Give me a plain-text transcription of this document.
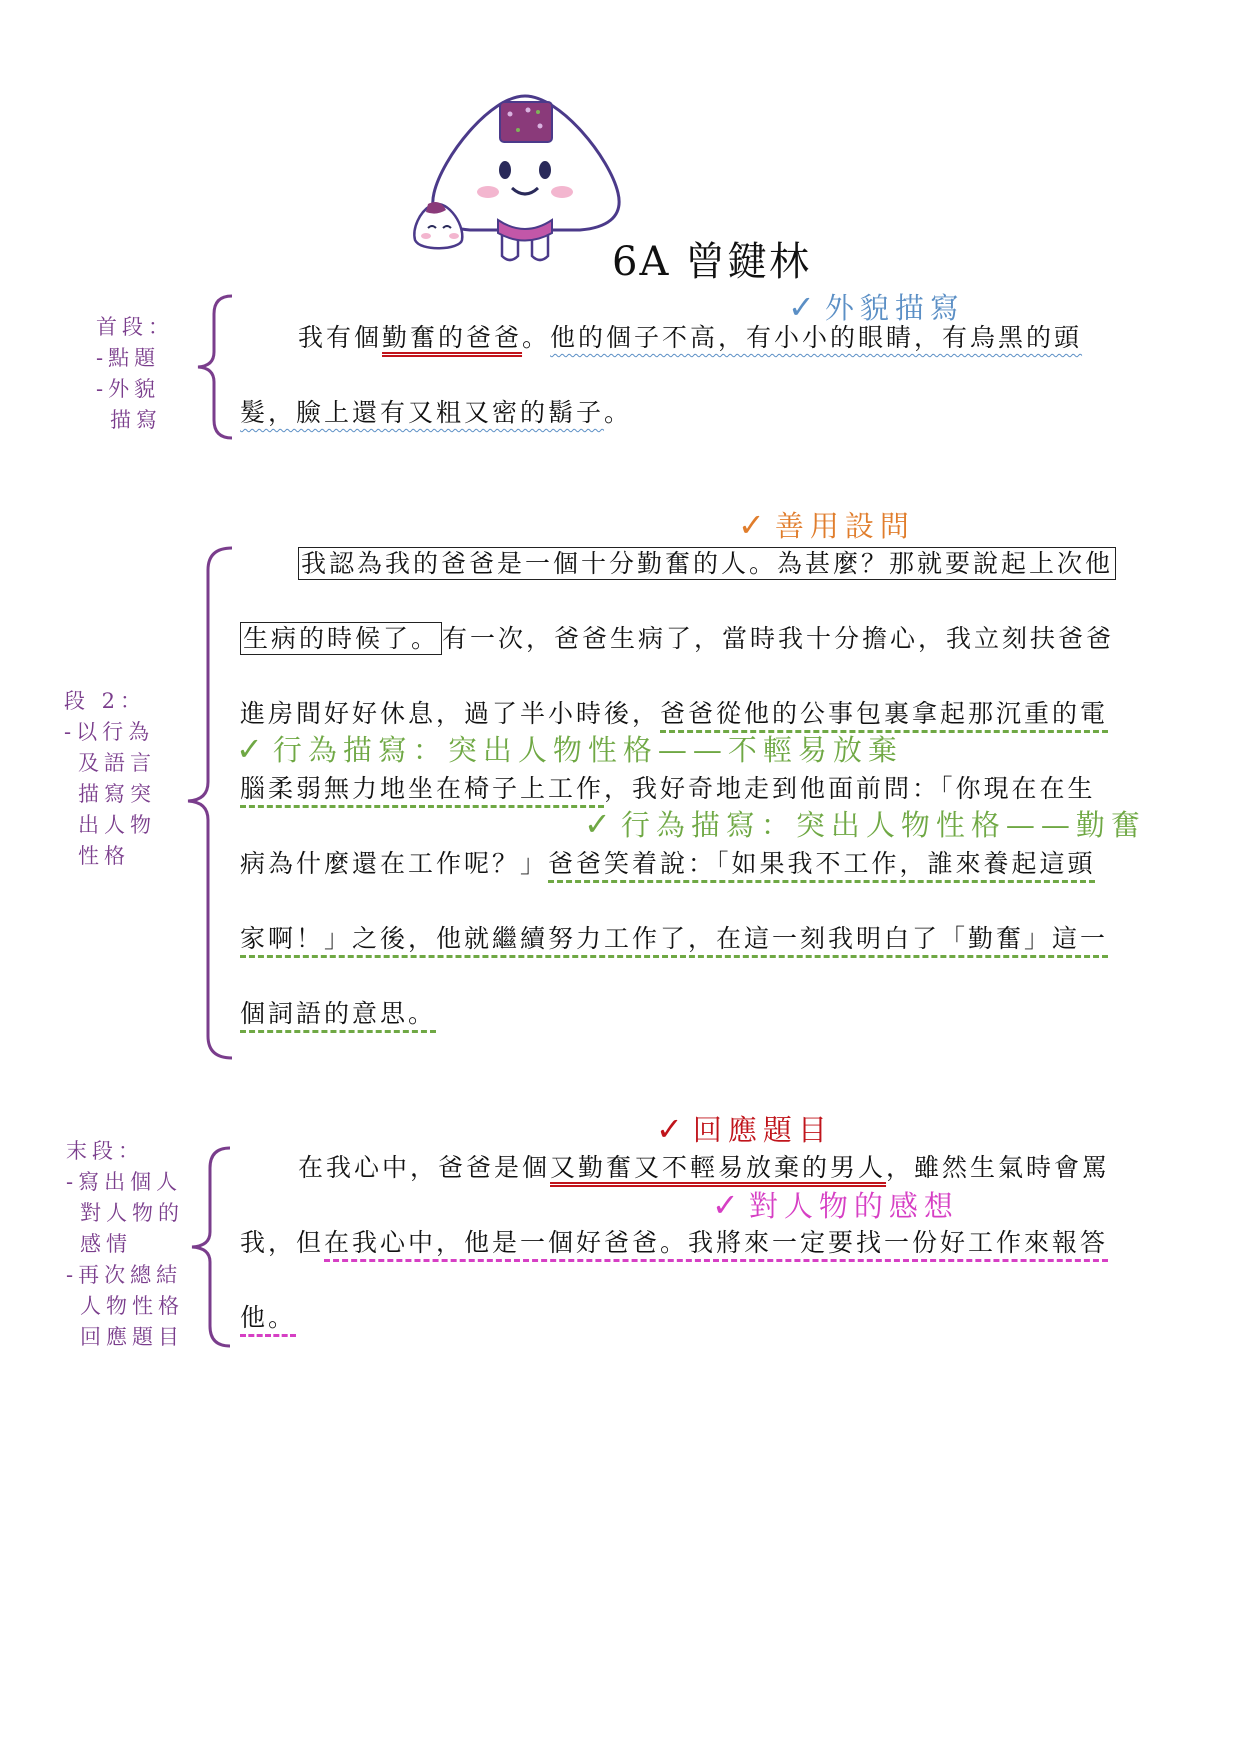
6A 曾鍵林
首段：
-點題
-外貌
描寫
✓ 外貌描寫
我有個勤奮的爸爸。他的個子不高，有小小的眼睛，有烏黑的頭
髮，臉上還有又粗又密的鬍子。
段 2：
-以行為
及語言
描寫突
出人物
性格
✓ 善用設問
我認為我的爸爸是一個十分勤奮的人。為甚麼？那就要說起上次他
生病的時候了。 有一次，爸爸生病了，當時我十分擔心，我立刻扶爸爸
進房間好好休息，過了半小時後，爸爸從他的公事包裏拿起那沉重的電
✓ 行為描寫：突出人物性格——不輕易放棄
腦柔弱無力地坐在椅子上工作，我好奇地走到他面前問：「你現在在生
✓ 行為描寫：突出人物性格——勤奮
病為什麼還在工作呢？」爸爸笑着說：「如果我不工作，誰來養起這頭
家啊！」之後，他就繼續努力工作了，在這一刻我明白了「勤奮」這一
個詞語的意思。
末段：
-寫出個人
對人物的
感情
-再次總結
人物性格
回應題目
✓ 回應題目
在我心中，爸爸是個又勤奮又不輕易放棄的男人，雖然生氣時會罵
✓ 對人物的感想
我，但在我心中，他是一個好爸爸。我將來一定要找一份好工作來報答
他。
